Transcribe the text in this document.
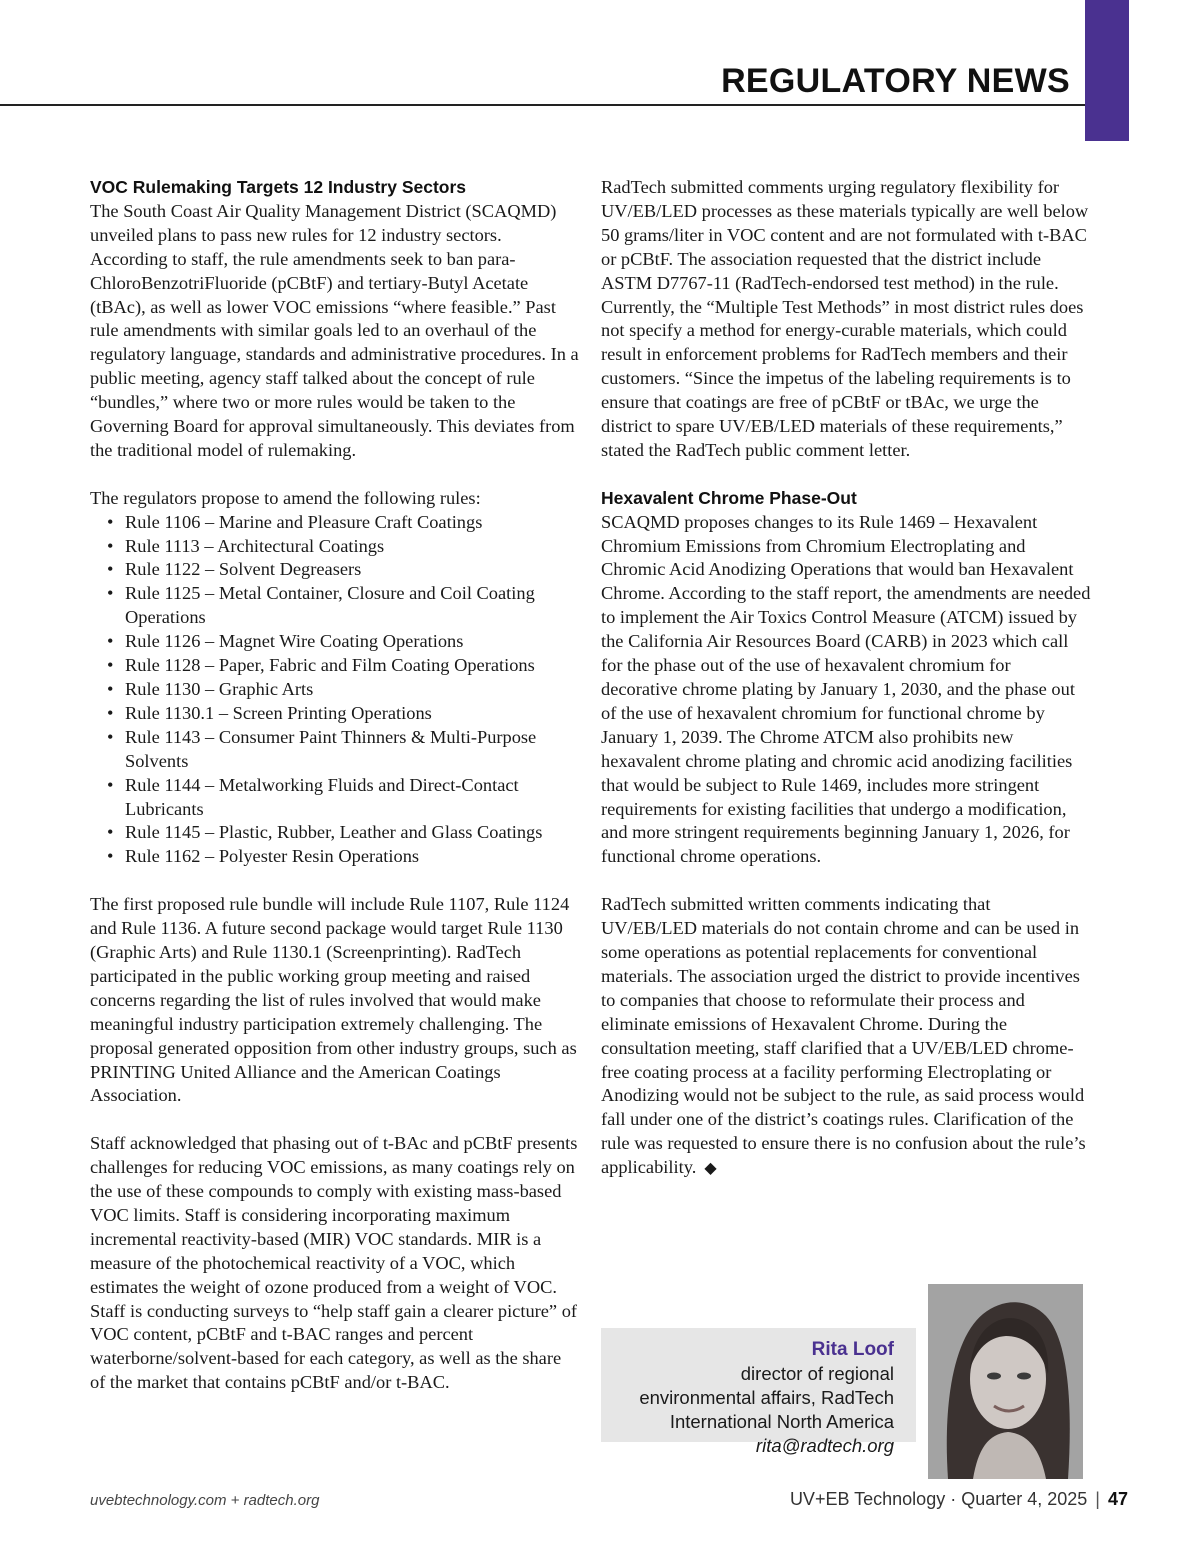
REGULATORY NEWS
VOC Rulemaking Targets 12 Industry Sectors

The South Coast Air Quality Management District (SCAQMD) unveiled plans to pass new rules for 12 industry sectors. According to staff, the rule amendments seek to ban para-ChloroBenzotriFluoride (pCBtF) and tertiary-Butyl Acetate (tBAc), as well as lower VOC emissions “where feasible.” Past rule amendments with similar goals led to an overhaul of the regulatory language, standards and administrative procedures. In a public meeting, agency staff talked about the concept of rule “bundles,” where two or more rules would be taken to the Governing Board for approval simultaneously. This deviates from the traditional model of rulemaking.

The regulators propose to amend the following rules:

• Rule 1106 – Marine and Pleasure Craft Coatings
• Rule 1113 – Architectural Coatings
• Rule 1122 – Solvent Degreasers
• Rule 1125 – Metal Container, Closure and Coil Coating Operations
• Rule 1126 – Magnet Wire Coating Operations
• Rule 1128 – Paper, Fabric and Film Coating Operations
• Rule 1130 – Graphic Arts
• Rule 1130.1 – Screen Printing Operations
• Rule 1143 – Consumer Paint Thinners & Multi-Purpose Solvents
• Rule 1144 – Metalworking Fluids and Direct-Contact Lubricants
• Rule 1145 – Plastic, Rubber, Leather and Glass Coatings
• Rule 1162 – Polyester Resin Operations

The first proposed rule bundle will include Rule 1107, Rule 1124 and Rule 1136. A future second package would target Rule 1130 (Graphic Arts) and Rule 1130.1 (Screenprinting). RadTech participated in the public working group meeting and raised concerns regarding the list of rules involved that would make meaningful industry participation extremely challenging. The proposal generated opposition from other industry groups, such as PRINTING United Alliance and the American Coatings Association.

Staff acknowledged that phasing out of t-BAc and pCBtF presents challenges for reducing VOC emissions, as many coatings rely on the use of these compounds to comply with existing mass-based VOC limits. Staff is considering incorporating maximum incremental reactivity-based (MIR) VOC standards. MIR is a measure of the photochemical reactivity of a VOC, which estimates the weight of ozone produced from a weight of VOC. Staff is conducting surveys to “help staff gain a clearer picture” of VOC content, pCBtF and t-BAC ranges and percent waterborne/solvent-based for each category, as well as the share of the market that contains pCBtF and/or t-BAC.

RadTech submitted comments urging regulatory flexibility for UV/EB/LED processes as these materials typically are well below 50 grams/liter in VOC content and are not formulated with t-BAC or pCBtF. The association requested that the district include ASTM D7767-11 (RadTech-endorsed test method) in the rule. Currently, the “Multiple Test Methods” in most district rules does not specify a method for energy-curable materials, which could result in enforcement problems for RadTech members and their customers. “Since the impetus of the labeling requirements is to ensure that coatings are free of pCBtF or tBAc, we urge the district to spare UV/EB/LED materials of these requirements,” stated the RadTech public comment letter.

Hexavalent Chrome Phase-Out

SCAQMD proposes changes to its Rule 1469 – Hexavalent Chromium Emissions from Chromium Electroplating and Chromic Acid Anodizing Operations that would ban Hexavalent Chrome. According to the staff report, the amendments are needed to implement the Air Toxics Control Measure (ATCM) issued by the California Air Resources Board (CARB) in 2023 which call for the phase out of the use of hexavalent chromium for decorative chrome plating by January 1, 2030, and the phase out of the use of hexavalent chromium for functional chrome by January 1, 2039. The Chrome ATCM also prohibits new hexavalent chrome plating and chromic acid anodizing facilities that would be subject to Rule 1469, includes more stringent requirements for existing facilities that undergo a modification, and more stringent requirements beginning January 1, 2026, for functional chrome operations.

RadTech submitted written comments indicating that UV/EB/LED materials do not contain chrome and can be used in some operations as potential replacements for conventional materials. The association urged the district to provide incentives to companies that choose to reformulate their process and eliminate emissions of Hexavalent Chrome. During the consultation meeting, staff clarified that a UV/EB/LED chrome-free coating process at a facility performing Electroplating or Anodizing would not be subject to the rule, as said process would fall under one of the district’s coatings rules. Clarification of the rule was requested to ensure there is no confusion about the rule’s applicability. ◆

Rita Loof
director of regional
environmental affairs, RadTech
International North America
rita@radtech.org
uvebtechnology.com + radtech.org	UV+EB Technology · Quarter 4, 2025 | 47
